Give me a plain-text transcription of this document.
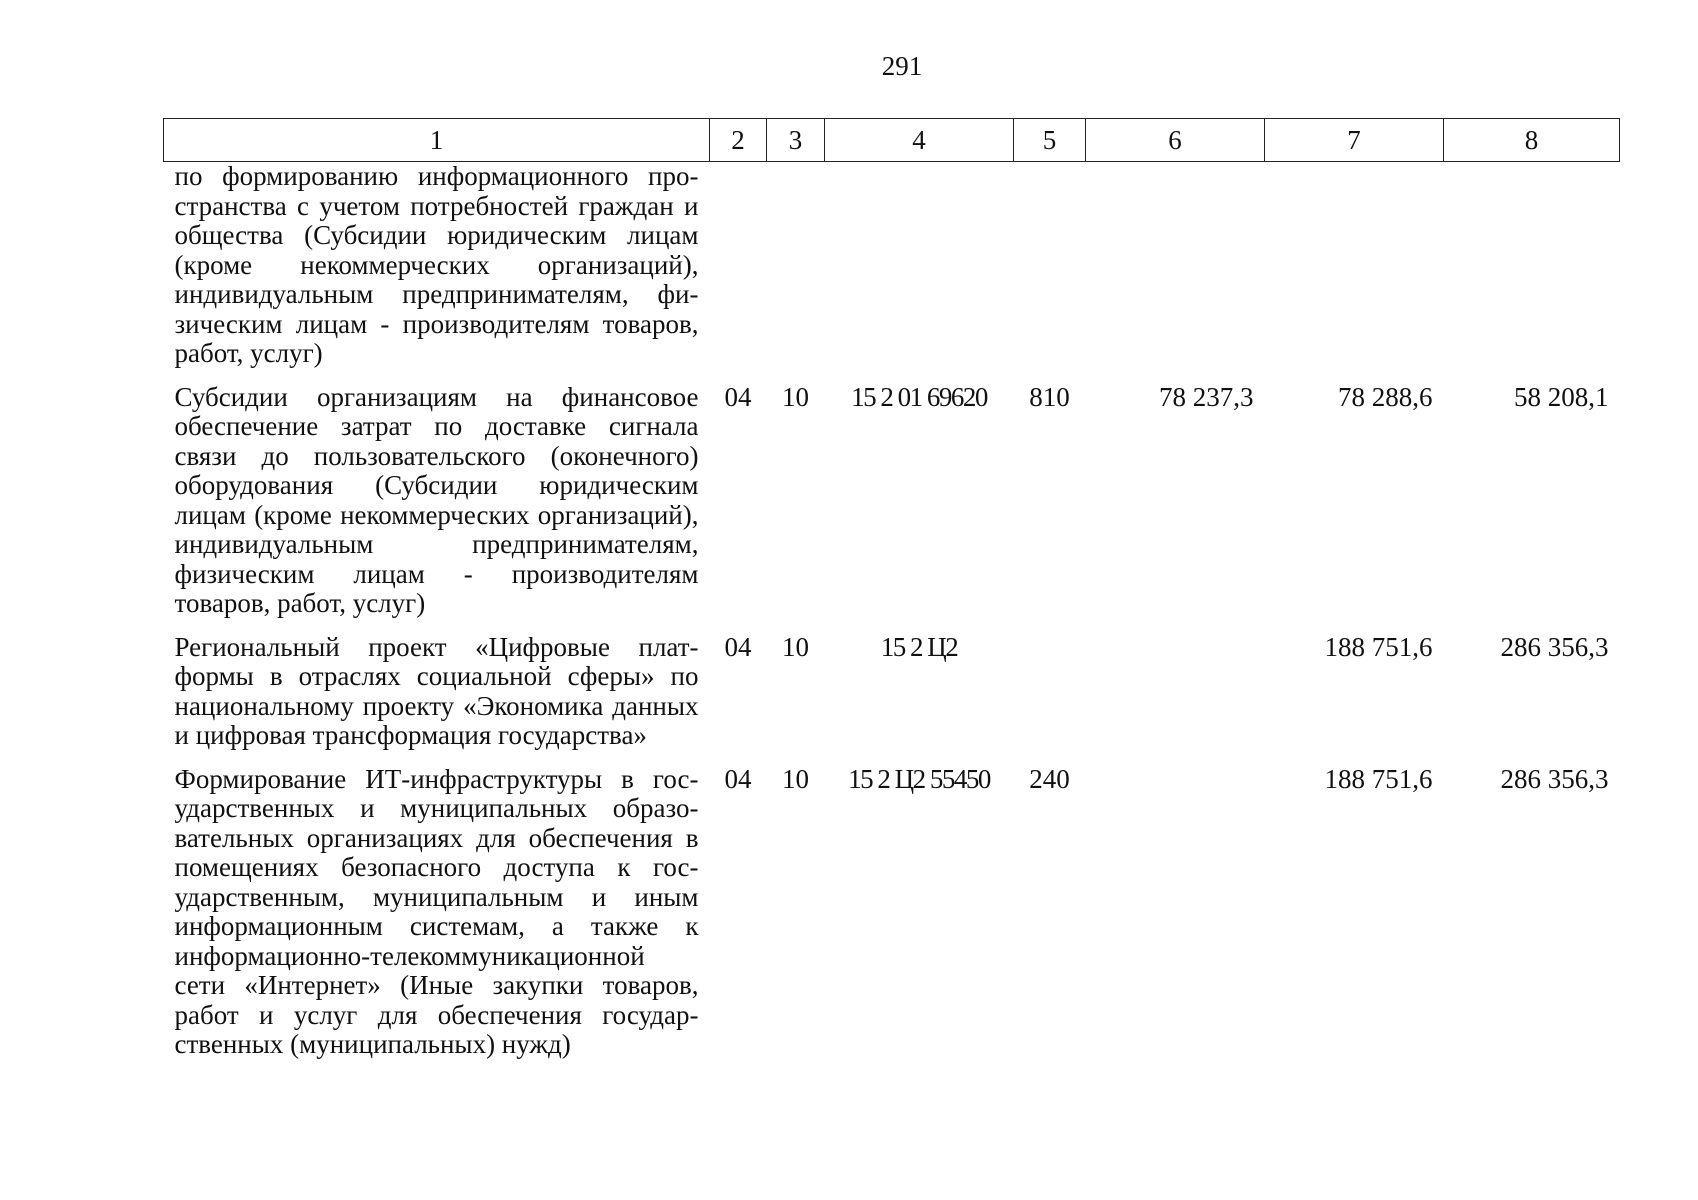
291
1	2	3	4	5	6	7	8
по формированию информационного пространства с учетом потребностей граждан и общества (Субсидии юридическим лицам (кроме некоммерческих организаций), индивидуальным предпринимателям, физическим лицам - производителям товаров, работ, услуг)							
Субсидии организациям на финансовое обеспечение затрат по доставке сигнала связи до пользовательского (оконечного) оборудования (Субсидии юридическим лицам (кроме некоммерческих организаций), индивидуальным предпринимателям, физическим лицам - производителям товаров, работ, услуг)	04	10	15 2 01 69620	810	78 237,3	78 288,6	58 208,1
Региональный проект «Цифровые платформы в отраслях социальной сферы» по национальному проекту «Экономика данных и цифровая трансформация государства»	04	10	15 2 Ц2			188 751,6	286 356,3
Формирование ИТ-инфраструктуры в государственных и муниципальных образовательных организациях для обеспечения в помещениях безопасного доступа к государственным, муниципальным и иным информационным системам, а также к информационно-телекоммуникационной сети «Интернет» (Иные закупки товаров, работ и услуг для обеспечения государственных (муниципальных) нужд)	04	10	15 2 Ц2 55450	240		188 751,6	286 356,3
